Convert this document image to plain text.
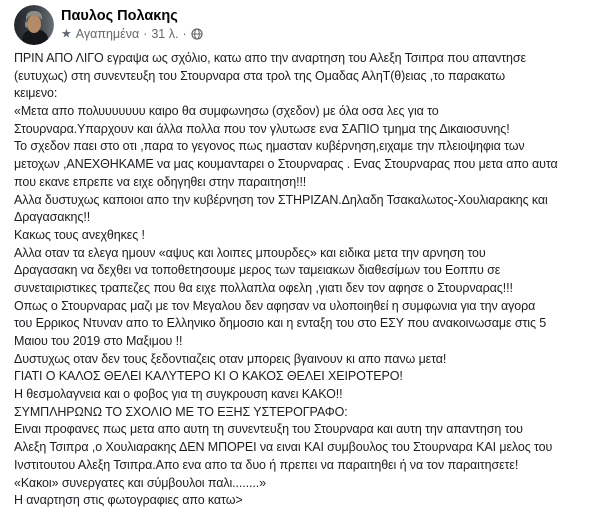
Παυλος Πολακης
★ Αγαπημένα · 31 λ. ·
ΠΡΙΝ ΑΠΟ ΛΙΓΟ εγραψα ως σχόλιο, κατω απο την αναρτηση του Αλεξη Τσιπρα που απαντησε
(ευτυχως) στη συνεντευξη του Στουρναρα στα τρολ της Ομαδας ΑληΤ(θ)ειας ,το παρακατω
κειμενο:
«Μετα απο πολυυυυυυυ καιρο θα συμφωνησω (σχεδον) με όλα οσα λες για το
Στουρναρα.Υπαρχουν και άλλα πολλα που τον γλυτωσε ενα ΣΑΠΙΟ τμημα της Δικαιοσυνης!
Το σχεδον παει στο οτι ,παρα το γεγονος πως ημασταν κυβέρνηση,ειχαμε την πλειοψηφια των
μετοχων ,ΑΝΕΧΘΗΚΑΜΕ να μας κουμανταρει ο Στουρναρας . Ενας Στουρναρας που μετα απο αυτα
που εκανε επρεπε να ειχε οδηγηθει στην παραιτηση!!!
Αλλα δυστυχως καποιοι απο την κυβέρνηση τον ΣΤΗΡΙΖΑΝ.Δηλαδη Τσακαλωτος-Χουλιαρακης και
Δραγασακης!!
Κακως τους ανεχθηκες !
Αλλα οταν τα ελεγα ημουν «αψυς και λοιπες μπουρδες» και ειδικα μετα την αρνηση του
Δραγασακη να δεχθει να τοποθετησουμε μερος των ταμειακων διαθεσίμων του Εοππυ σε
συνεταιριστικες τραπεζες που θα ειχε πολλαπλα οφελη ,γιατι δεν τον αφησε ο Στουρναρας!!!
Οπως ο Στουρναρας μαζι με τον Μεγαλου δεν αφησαν να υλοποιηθεί η συμφωνια για την αγορα
του Ερρικος Ντυναν απο το Ελληνικο δημοσιο και η ενταξη του στο ΕΣΥ που ανακοινωσαμε στις 5
Μαιου του 2019 στο Μαξιμου !!
Δυστυχως οταν δεν τους ξεδοντιαζεις οταν μπορεις βγαινουν κι απο πανω μετα!
ΓΙΑΤΙ Ο ΚΑΛΟΣ ΘΕΛΕΙ ΚΑΛΥΤΕΡΟ ΚΙ Ο ΚΑΚΟΣ ΘΕΛΕΙ ΧΕΙΡΟΤΕΡΟ!
Η θεσμολαγνεια και ο φοβος για τη συγκρουση κανει ΚΑΚΟ!!
ΣΥΜΠΛΗΡΩΝΩ ΤΟ ΣΧΟΛΙΟ ΜΕ ΤΟ ΕΞΗΣ ΥΣΤΕΡΟΓΡΑΦΟ:
Ειναι προφανες πως μετα απο αυτη τη συνεντευξη του Στουρναρα και αυτη την απαντηση του
Αλεξη Τσιπρα ,ο Χουλιαρακης ΔΕΝ ΜΠΟΡΕΙ να ειναι ΚΑΙ συμβουλος του Στουρναρα ΚΑΙ μελος του
Ινστιτουτου Αλεξη Τσιπρα.Απο ενα απο τα δυο ή πρεπει να παραιτηθει ή να τον παραιτησετε!
«Κακοι» συνεργατες και σύμβουλοι παλι........»
Η αναρτηση στις φωτογραφιες απο κατω>
